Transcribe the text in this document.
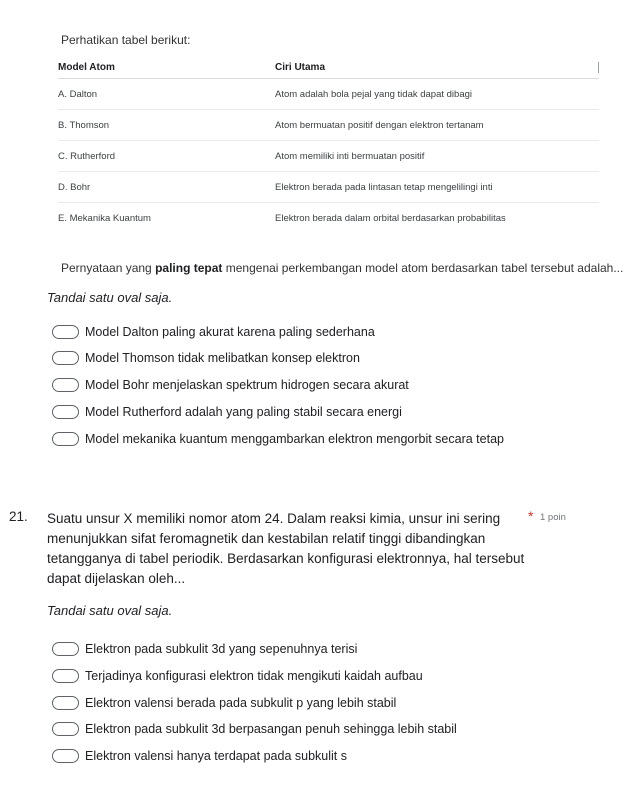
Perhatikan tabel berikut:
Model Atom	Ciri Utama
A. Dalton	Atom adalah bola pejal yang tidak dapat dibagi
B. Thomson	Atom bermuatan positif dengan elektron tertanam
C. Rutherford	Atom memiliki inti bermuatan positif
D. Bohr	Elektron berada pada lintasan tetap mengelilingi inti
E. Mekanika Kuantum	Elektron berada dalam orbital berdasarkan probabilitas
Pernyataan yang paling tepat mengenai perkembangan model atom berdasarkan tabel tersebut adalah...
Tandai satu oval saja.
Model Dalton paling akurat karena paling sederhana
Model Thomson tidak melibatkan konsep elektron
Model Bohr menjelaskan spektrum hidrogen secara akurat
Model Rutherford adalah yang paling stabil secara energi
Model mekanika kuantum menggambarkan elektron mengorbit secara tetap
21. Suatu unsur X memiliki nomor atom 24. Dalam reaksi kimia, unsur ini sering menunjukkan sifat feromagnetik dan kestabilan relatif tinggi dibandingkan tetangganya di tabel periodik. Berdasarkan konfigurasi elektronnya, hal tersebut dapat dijelaskan oleh...
* 1 poin
Tandai satu oval saja.
Elektron pada subkulit 3d yang sepenuhnya terisi
Terjadinya konfigurasi elektron tidak mengikuti kaidah aufbau
Elektron valensi berada pada subkulit p yang lebih stabil
Elektron pada subkulit 3d berpasangan penuh sehingga lebih stabil
Elektron valensi hanya terdapat pada subkulit s
